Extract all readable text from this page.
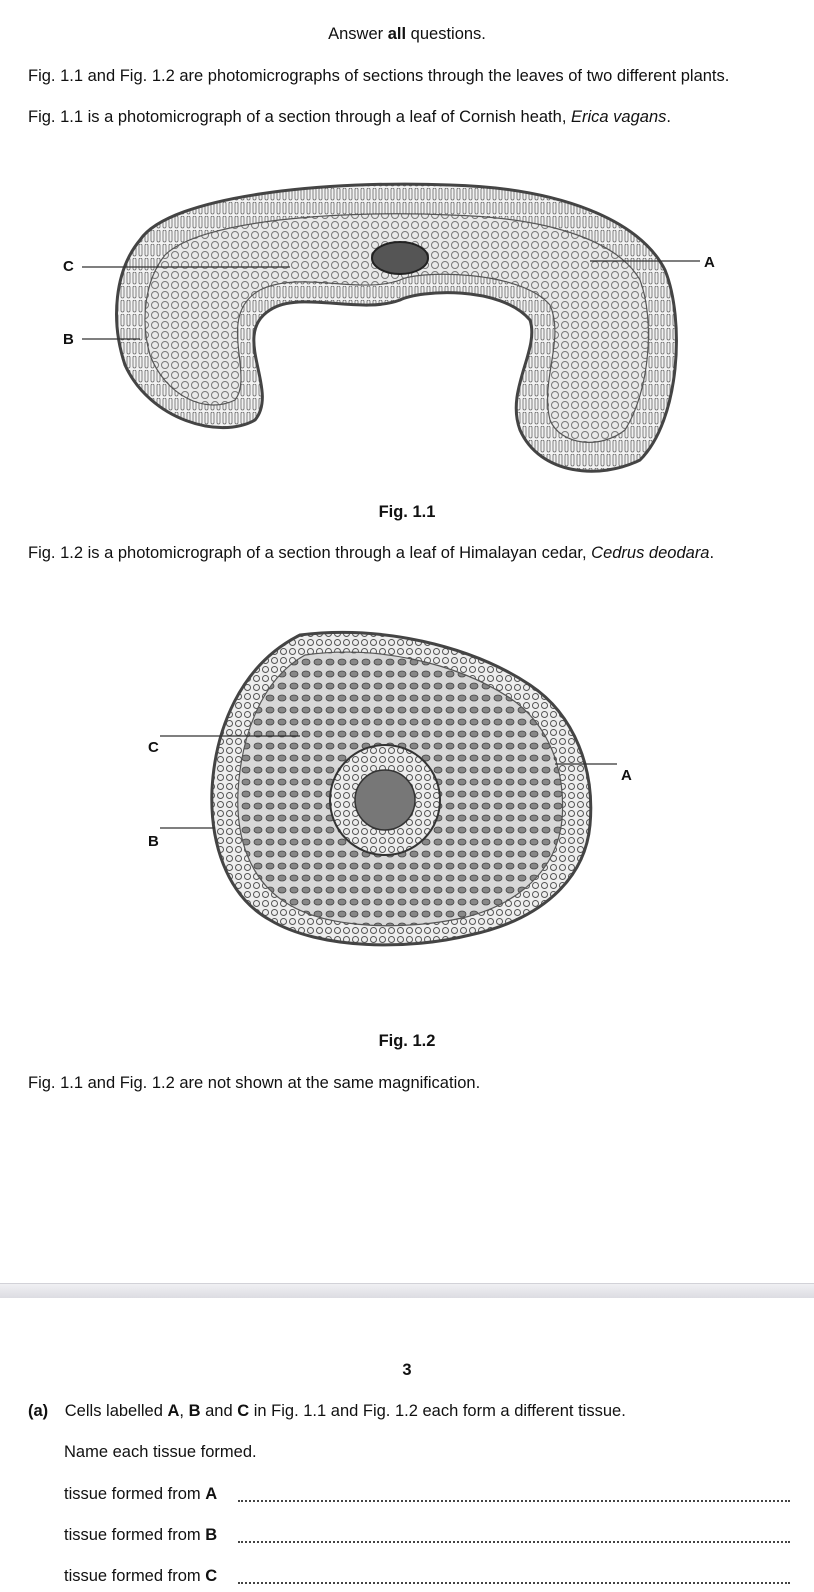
Answer all questions.
Fig. 1.1 and Fig. 1.2 are photomicrographs of sections through the leaves of two different plants.
Fig. 1.1 is a photomicrograph of a section through a leaf of Cornish heath, Erica vagans.
C
B
A
Fig. 1.1
Fig. 1.2 is a photomicrograph of a section through a leaf of Himalayan cedar, Cedrus deodara.
C
B
A
Fig. 1.2
Fig. 1.1 and Fig. 1.2 are not shown at the same magnification.
3
(a) Cells labelled A, B and C in Fig. 1.1 and Fig. 1.2 each form a different tissue.
Name each tissue formed.
tissue formed from A
tissue formed from B
tissue formed from C
